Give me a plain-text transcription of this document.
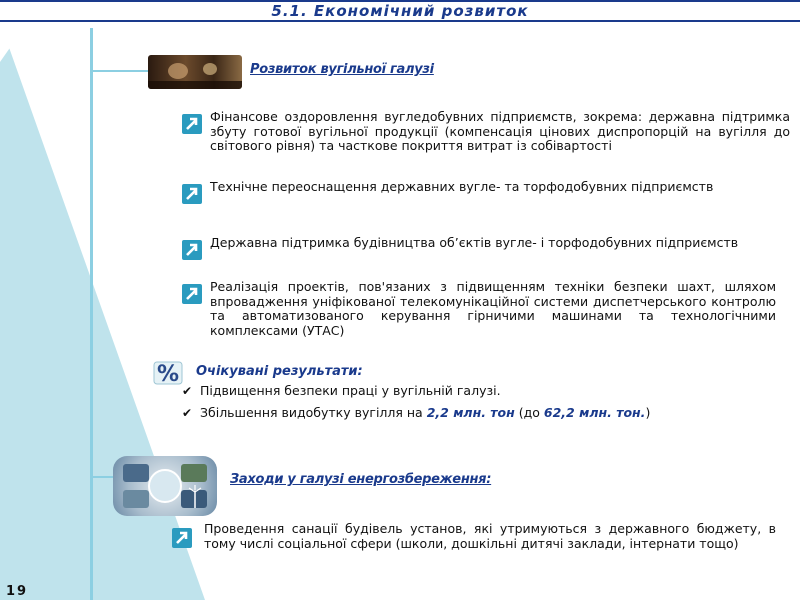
5.1. Економічний розвиток
19
Розвиток вугільної галузі
Фінансове оздоровлення вугледобувних підприємств, зокрема: державна підтримка збуту готової вугільної продукції (компенсація цінових диспропорцій на вугілля до світового рівня) та часткове покриття витрат із собівартості
Технічне переоснащення державних вугле- та торфодобувних підприємств
Державна підтримка будівництва об’єктів вугле- і торфодобувних підприємств
Реалізація проектів, пов'язаних з підвищенням техніки безпеки шахт, шляхом впровадження уніфікованої телекомунікаційної системи диспетчерського контролю та автоматизованого керування гірничими машинами та технологічними комплексами (УТАС)
% Очікувані результати:
✔ Підвищення безпеки праці у вугільній галузі.
✔ Збільшення видобутку вугілля на 2,2 млн. тон (до 62,2 млн. тон.)
Заходи у галузі енергозбереження:
Проведення санації будівель установ, які утримуються з державного бюджету, в тому числі соціальної сфери (школи, дошкільні дитячі заклади, інтернати тощо)
